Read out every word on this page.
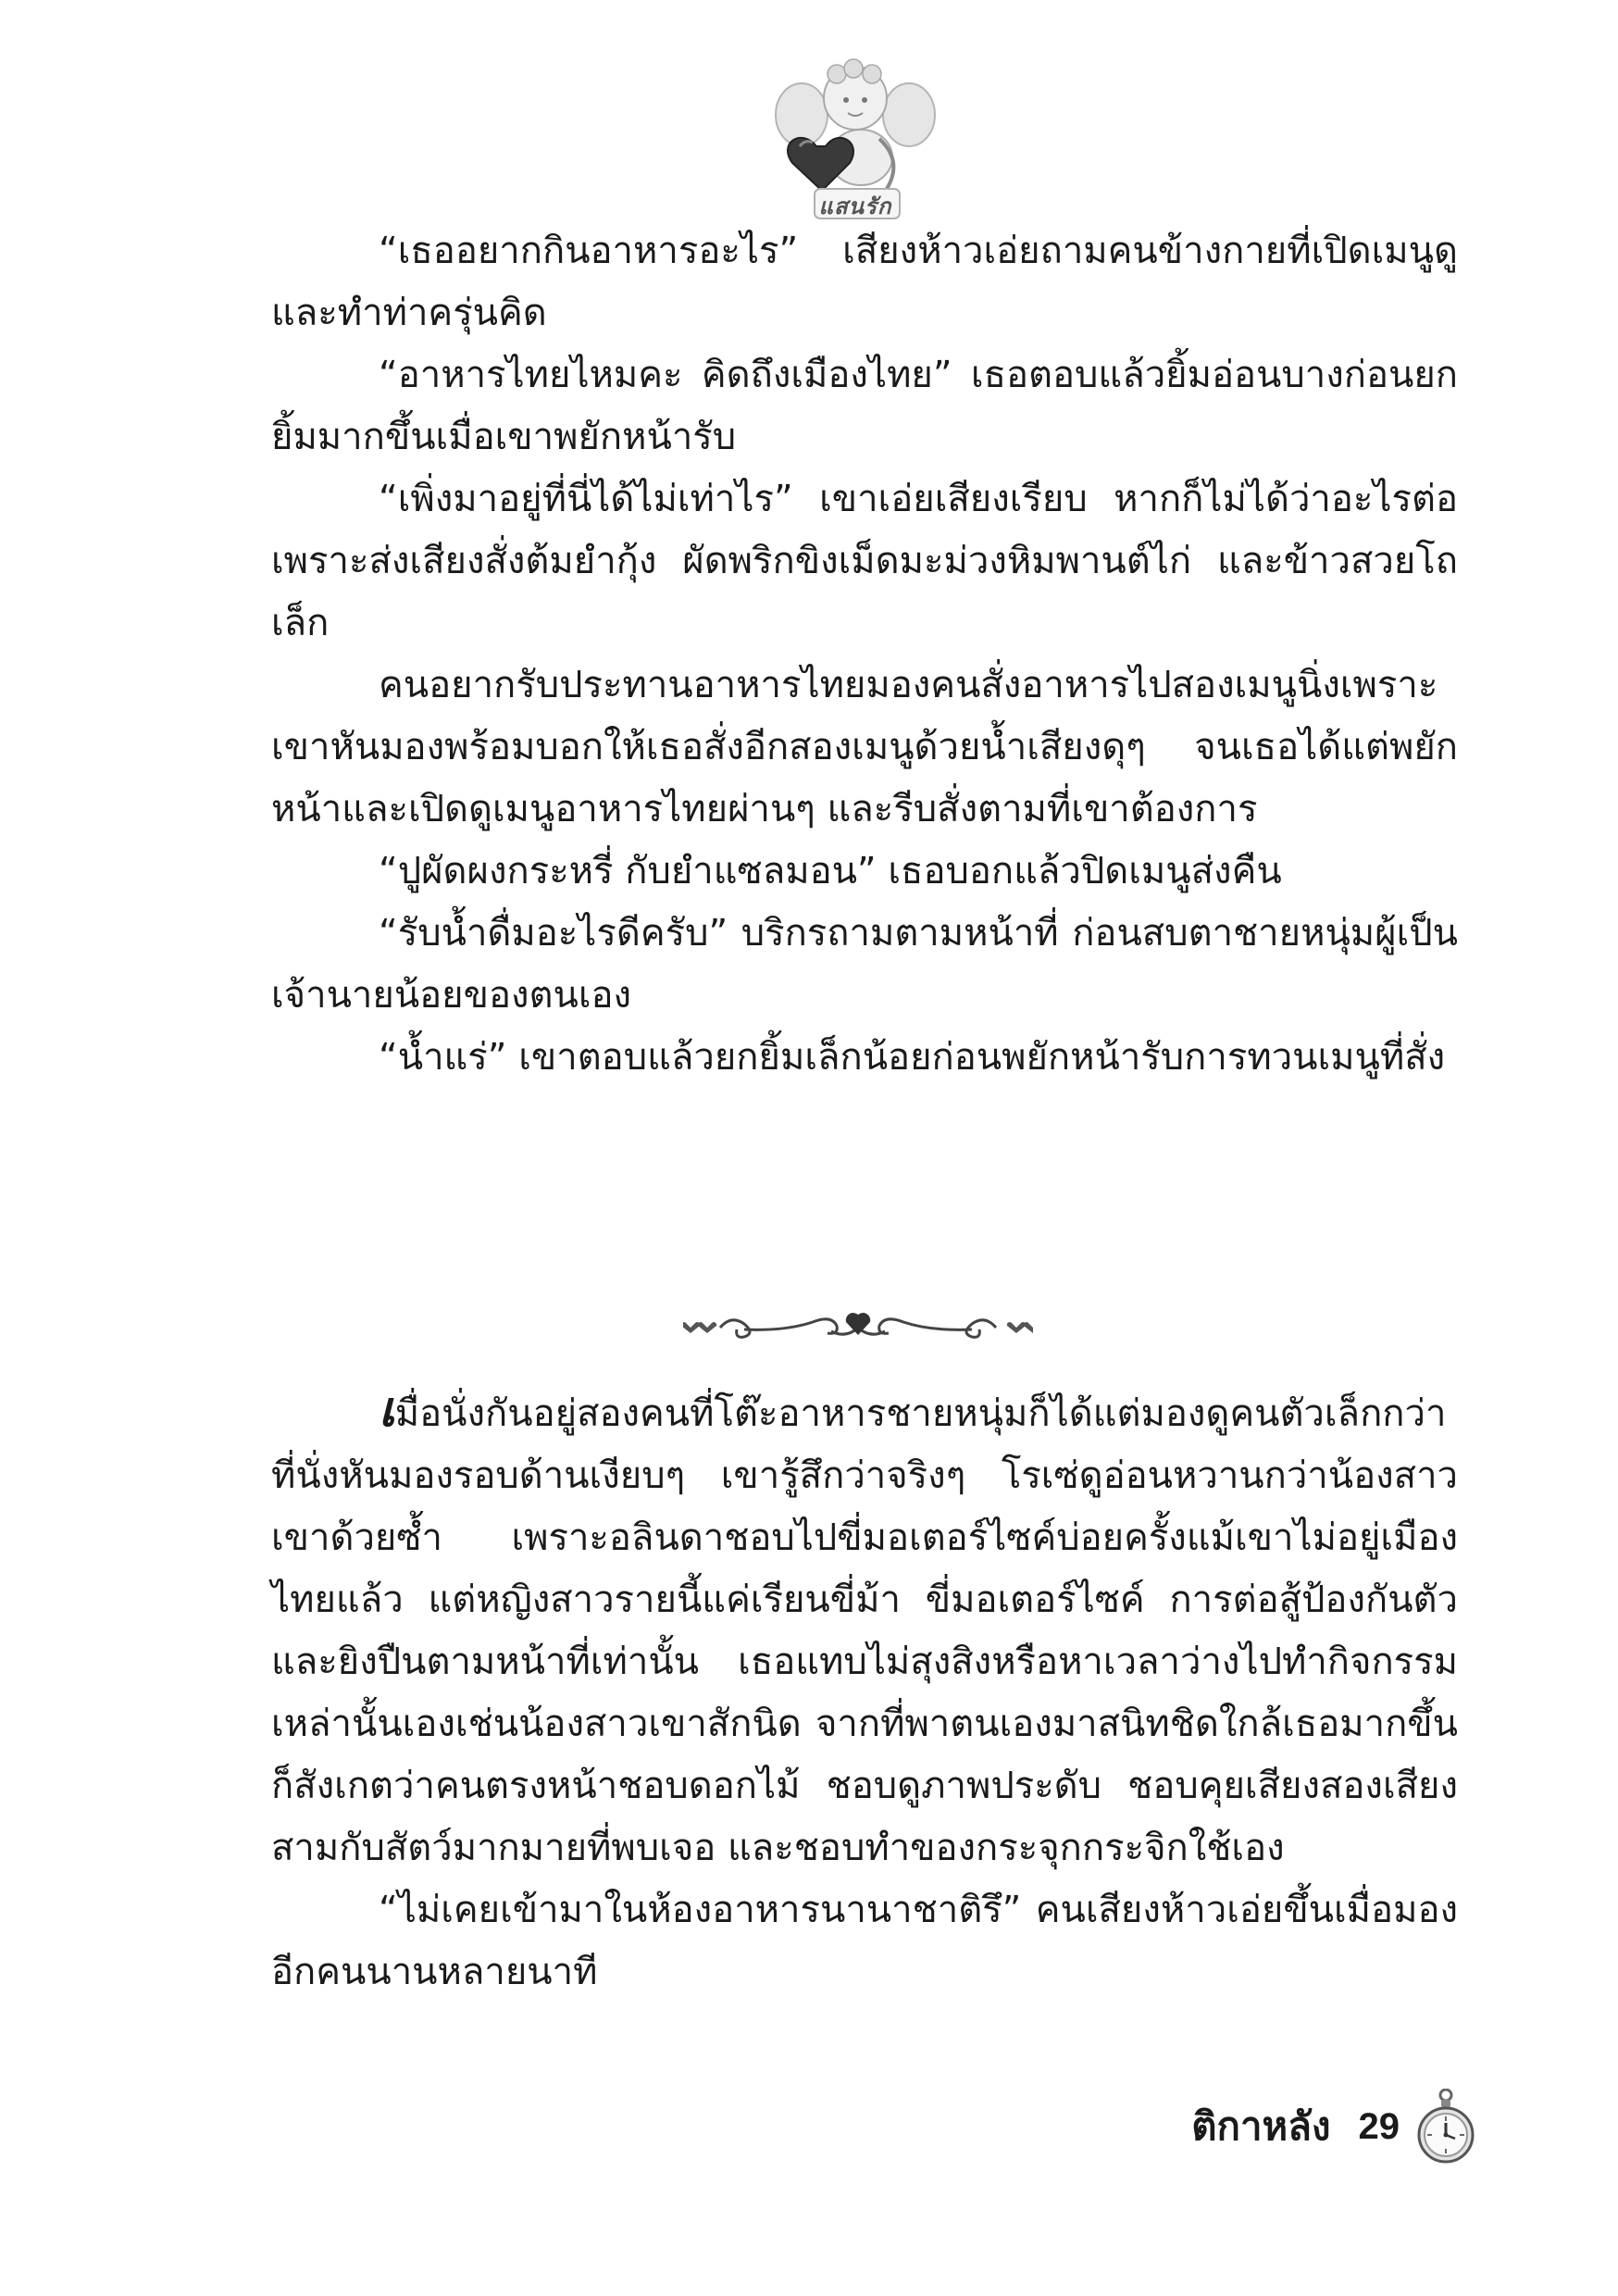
แสนรัก

“เธออยากกินอาหารอะไร” เสียงห้าวเอ่ยถามคนข้างกายที่เปิดเมนูดูและทำท่าครุ่นคิด

“อาหารไทยไหมคะ คิดถึงเมืองไทย” เธอตอบแล้วยิ้มอ่อนบางก่อนยกยิ้มมากขึ้นเมื่อเขาพยักหน้ารับ

“เพิ่งมาอยู่ที่นี่ได้ไม่เท่าไร” เขาเอ่ยเสียงเรียบ หากก็ไม่ได้ว่าอะไรต่อเพราะส่งเสียงสั่งต้มยำกุ้ง ผัดพริกขิงเม็ดมะม่วงหิมพานต์ไก่ และข้าวสวยโถเล็ก

คนอยากรับประทานอาหารไทยมองคนสั่งอาหารไปสองเมนูนิ่งเพราะเขาหันมองพร้อมบอกให้เธอสั่งอีกสองเมนูด้วยน้ำเสียงดุๆ จนเธอได้แต่พยักหน้าและเปิดดูเมนูอาหารไทยผ่านๆ และรีบสั่งตามที่เขาต้องการ

“ปูผัดผงกระหรี่ กับยำแซลมอน” เธอบอกแล้วปิดเมนูส่งคืน

“รับน้ำดื่มอะไรดีครับ” บริกรถามตามหน้าที่ ก่อนสบตาชายหนุ่มผู้เป็นเจ้านายน้อยของตนเอง

“น้ำแร่” เขาตอบแล้วยกยิ้มเล็กน้อยก่อนพยักหน้ารับการทวนเมนูที่สั่ง

เมื่อนั่งกันอยู่สองคนที่โต๊ะอาหารชายหนุ่มก็ได้แต่มองดูคนตัวเล็กกว่าที่นั่งหันมองรอบด้านเงียบๆ เขารู้สึกว่าจริงๆ โรเซ่ดูอ่อนหวานกว่าน้องสาวเขาด้วยซ้ำ เพราะอลินดาชอบไปขี่มอเตอร์ไซค์บ่อยครั้งแม้เขาไม่อยู่เมืองไทยแล้ว แต่หญิงสาวรายนี้แค่เรียนขี่ม้า ขี่มอเตอร์ไซค์ การต่อสู้ป้องกันตัว และยิงปืนตามหน้าที่เท่านั้น เธอแทบไม่สุงสิงหรือหาเวลาว่างไปทำกิจกรรมเหล่านั้นเองเช่นน้องสาวเขาสักนิด จากที่พาตนเองมาสนิทชิดใกล้เธอมากขึ้นก็สังเกตว่าคนตรงหน้าชอบดอกไม้ ชอบดูภาพประดับ ชอบคุยเสียงสองเสียงสามกับสัตว์มากมายที่พบเจอ และชอบทำของกระจุกกระจิกใช้เอง

“ไม่เคยเข้ามาในห้องอาหารนานาชาติรึ” คนเสียงห้าวเอ่ยขึ้นเมื่อมองอีกคนนานหลายนาที

ติกาหลัง 29
